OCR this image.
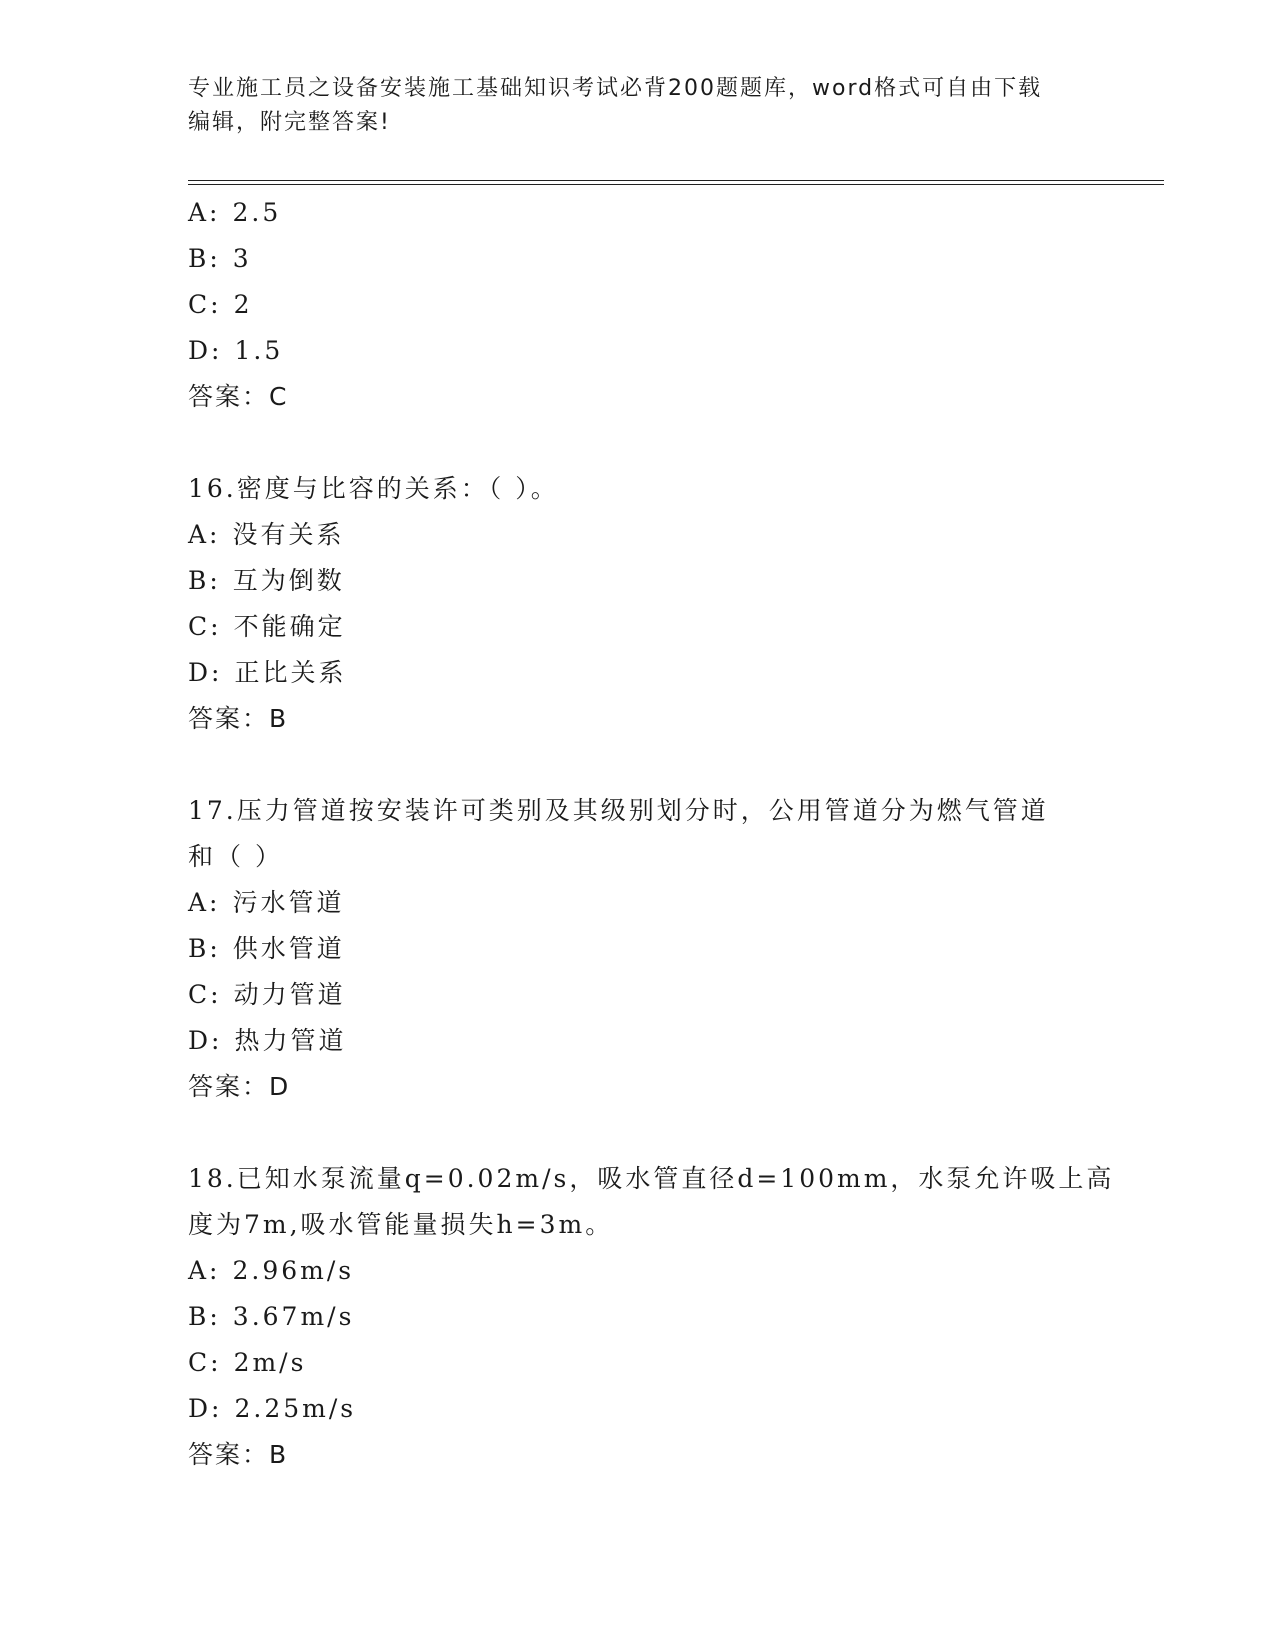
专业施工员之设备安装施工基础知识考试必背200题题库，word格式可自由下载
编辑，附完整答案!
A: 2.5
B: 3
C: 2
D: 1.5
答案：C
16.密度与比容的关系：（ ）。
A: 没有关系
B: 互为倒数
C: 不能确定
D: 正比关系
答案：B
17.压力管道按安装许可类别及其级别划分时，公用管道分为燃气管道
和（ ）
A: 污水管道
B: 供水管道
C: 动力管道
D: 热力管道
答案：D
18.已知水泵流量q=0.02m/s，吸水管直径d=100mm，水泵允许吸上高
度为7m,吸水管能量损失h=3m。
A: 2.96m/s
B: 3.67m/s
C: 2m/s
D: 2.25m/s
答案：B
